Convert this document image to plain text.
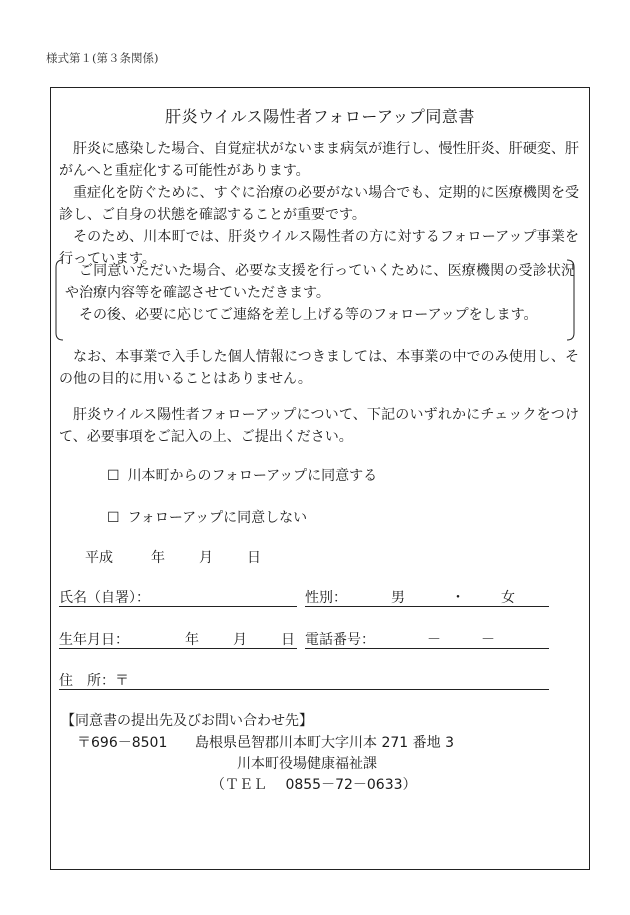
様式第１(第３条関係)
肝炎ウイルス陽性者フォローアップ同意書

肝炎に感染した場合、自覚症状がないまま病気が進行し、慢性肝炎、肝硬変、肝がんへと重症化する可能性があります。

重症化を防ぐために、すぐに治療の必要がない場合でも、定期的に医療機関を受診し、ご自身の状態を確認することが重要です。

そのため、川本町では、肝炎ウイルス陽性者の方に対するフォローアップ事業を行っています。

ご同意いただいた場合、必要な支援を行っていくために、医療機関の受診状況や治療内容等を確認させていただきます。

その後、必要に応じてご連絡を差し上げる等のフォローアップをします。

なお、本事業で入手した個人情報につきましては、本事業の中でのみ使用し、その他の目的に用いることはありません。

肝炎ウイルス陽性者フォローアップについて、下記のいずれかにチェックをつけて、必要事項をご記入の上、ご提出ください。

☐ 川本町からのフォローアップに同意する
☐ フォローアップに同意しない
平成	年 月 日
氏名（自署）：	性別：	男	・	女
生年月日：	年 月 日 電話番号：	－	－
住　所：〒
【同意書の提出先及びお問い合わせ先】
〒696－8501 島根県邑智郡川本町大字川本 271 番地 3
川本町役場健康福祉課
（ＴＥＬ　 0855－72－0633）
